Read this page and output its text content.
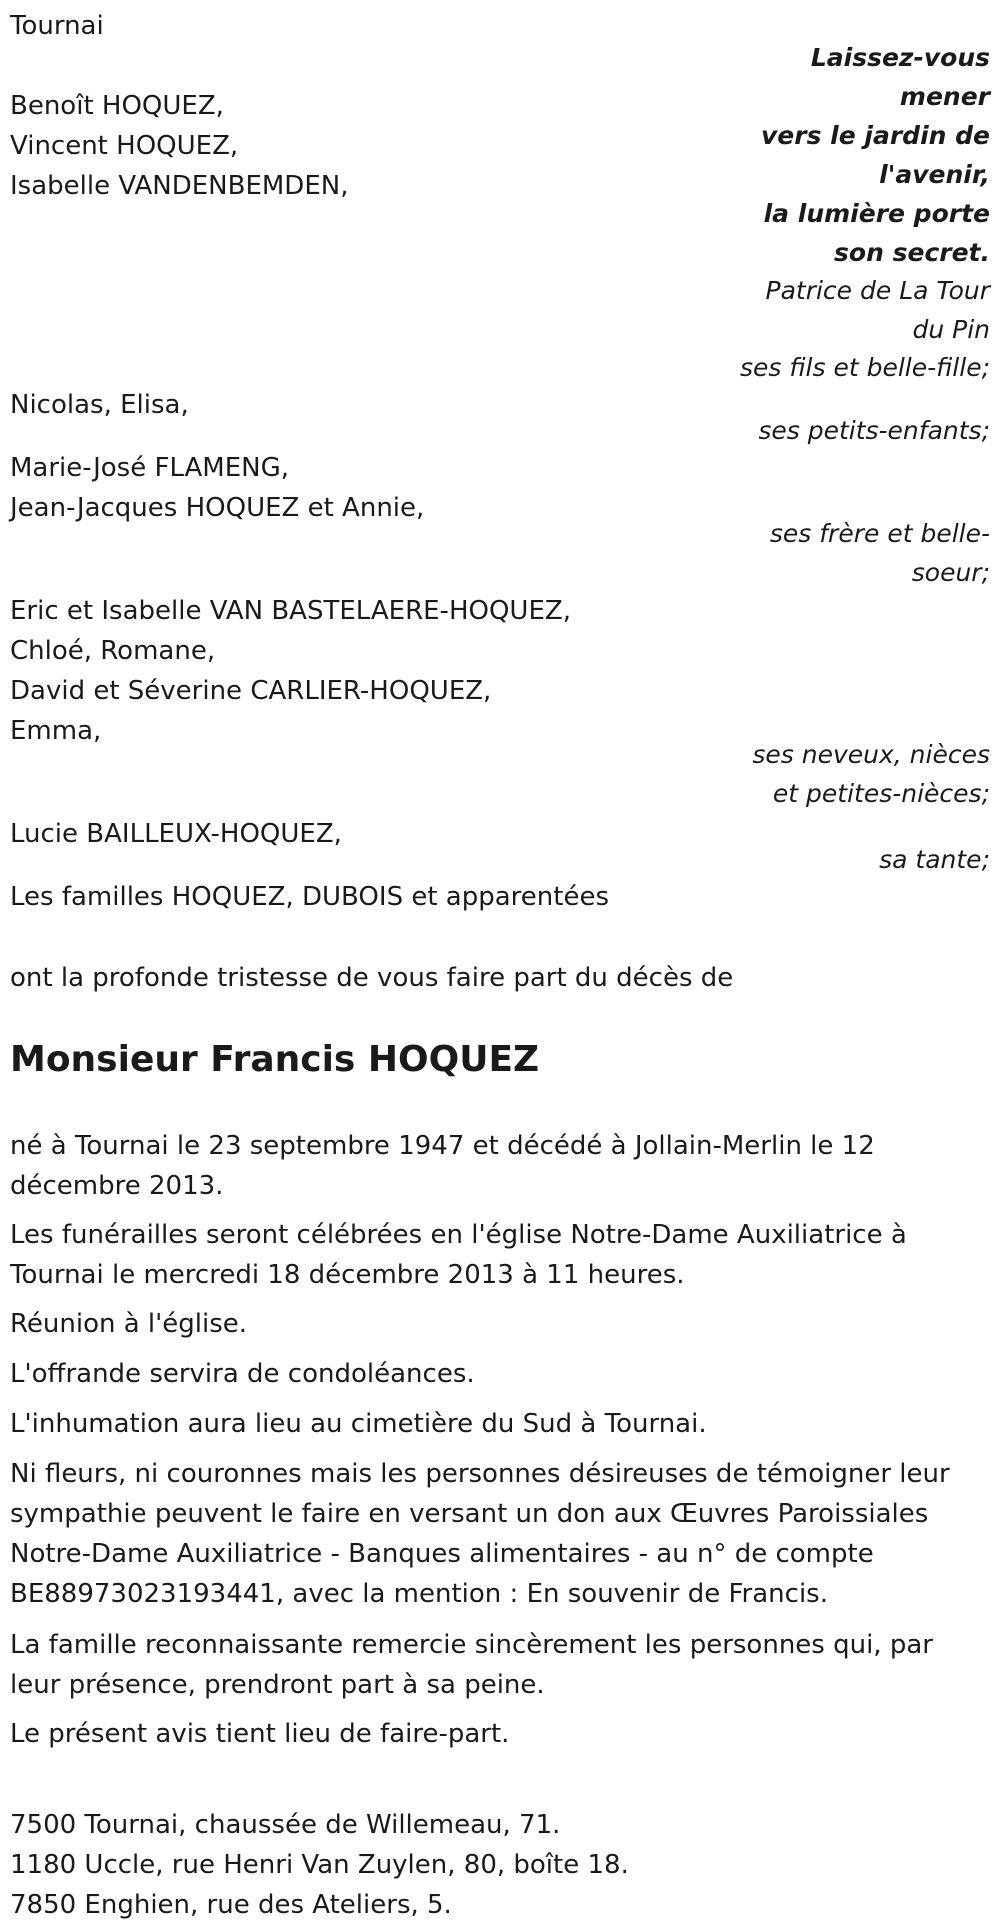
Tournai
Laissez-vous
mener
vers le jardin de
l'avenir,
la lumière porte
son secret.
Patrice de La Tour
du Pin
Benoît HOQUEZ,
Vincent HOQUEZ,
Isabelle VANDENBEMDEN,
ses fils et belle-fille;
Nicolas, Elisa,
ses petits-enfants;
Marie-José FLAMENG,
Jean-Jacques HOQUEZ et Annie,
ses frère et belle-
soeur;
Eric et Isabelle VAN BASTELAERE-HOQUEZ,
Chloé, Romane,
David et Séverine CARLIER-HOQUEZ,
Emma,
ses neveux, nièces
et petites-nièces;
Lucie BAILLEUX-HOQUEZ,
sa tante;
Les familles HOQUEZ, DUBOIS et apparentées
ont la profonde tristesse de vous faire part du décès de
Monsieur Francis HOQUEZ
né à Tournai le 23 septembre 1947 et décédé à Jollain-Merlin le 12 décembre 2013.
Les funérailles seront célébrées en l'église Notre-Dame Auxiliatrice à Tournai le mercredi 18 décembre 2013 à 11 heures.
Réunion à l'église.
L'offrande servira de condoléances.
L'inhumation aura lieu au cimetière du Sud à Tournai.
Ni fleurs, ni couronnes mais les personnes désireuses de témoigner leur sympathie peuvent le faire en versant un don aux Œuvres Paroissiales Notre-Dame Auxiliatrice - Banques alimentaires - au n° de compte BE88973023193441, avec la mention : En souvenir de Francis.
La famille reconnaissante remercie sincèrement les personnes qui, par leur présence, prendront part à sa peine.
Le présent avis tient lieu de faire-part.
7500 Tournai, chaussée de Willemeau, 71.
1180 Uccle, rue Henri Van Zuylen, 80, boîte 18.
7850 Enghien, rue des Ateliers, 5.
